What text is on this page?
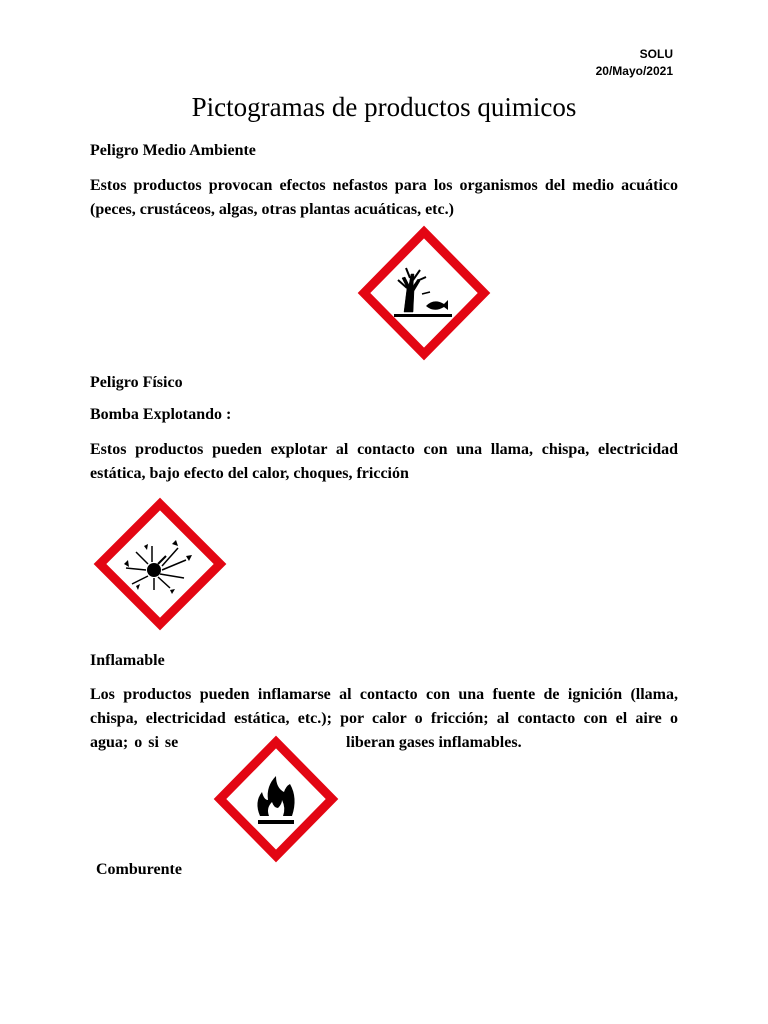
SOLU
20/Mayo/2021
Pictogramas de productos quimicos
Peligro Medio Ambiente
Estos productos provocan efectos nefastos para los organismos del medio acuático
(peces, crustáceos, algas, otras plantas acuáticas, etc.)
Peligro Físico
Bomba Explotando :
Estos productos pueden explotar al contacto con una llama, chispa, electricidad
estática, bajo efecto del calor, choques, fricción
Inflamable
Los productos pueden inflamarse al contacto con una fuente de ignición (llama,
chispa, electricidad estática, etc.); por calor o fricción; al contacto con el aire o
agua; o si se	liberan gases inflamables.
Comburente
